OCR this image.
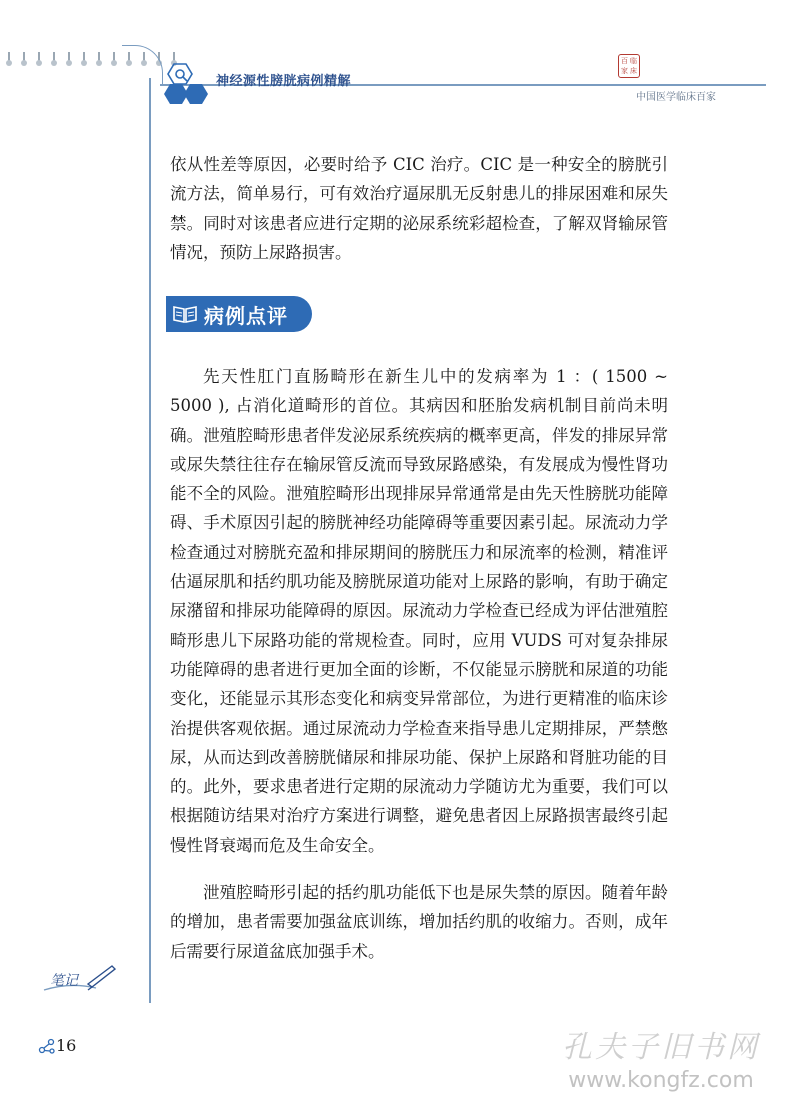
神经源性膀胱病例精解
百 临
家 床
中国医学临床百家
依从性差等原因，必要时给予 CIC 治疗。CIC 是一种安全的膀胱引流方法，简单易行，可有效治疗逼尿肌无反射患儿的排尿困难和尿失禁。同时对该患者应进行定期的泌尿系统彩超检查，了解双肾输尿管情况，预防上尿路损害。
病例点评
先天性肛门直肠畸形在新生儿中的发病率为 1 ：( 1500 ~ 5000 ), 占消化道畸形的首位。其病因和胚胎发病机制目前尚未明确。泄殖腔畸形患者伴发泌尿系统疾病的概率更高，伴发的排尿异常或尿失禁往往存在输尿管反流而导致尿路感染，有发展成为慢性肾功能不全的风险。泄殖腔畸形出现排尿异常通常是由先天性膀胱功能障碍、手术原因引起的膀胱神经功能障碍等重要因素引起。尿流动力学检查通过对膀胱充盈和排尿期间的膀胱压力和尿流率的检测，精准评估逼尿肌和括约肌功能及膀胱尿道功能对上尿路的影响，有助于确定尿潴留和排尿功能障碍的原因。尿流动力学检查已经成为评估泄殖腔畸形患儿下尿路功能的常规检查。同时，应用 VUDS 可对复杂排尿功能障碍的患者进行更加全面的诊断，不仅能显示膀胱和尿道的功能变化，还能显示其形态变化和病变异常部位，为进行更精准的临床诊治提供客观依据。通过尿流动力学检查来指导患儿定期排尿，严禁憋尿，从而达到改善膀胱储尿和排尿功能、保护上尿路和肾脏功能的目的。此外，要求患者进行定期的尿流动力学随访尤为重要，我们可以根据随访结果对治疗方案进行调整，避免患者因上尿路损害最终引起慢性肾衰竭而危及生命安全。
泄殖腔畸形引起的括约肌功能低下也是尿失禁的原因。随着年龄的增加，患者需要加强盆底训练，增加括约肌的收缩力。否则，成年后需要行尿道盆底加强手术。
笔记
16	孔夫子旧书网
www.kongfz.com
